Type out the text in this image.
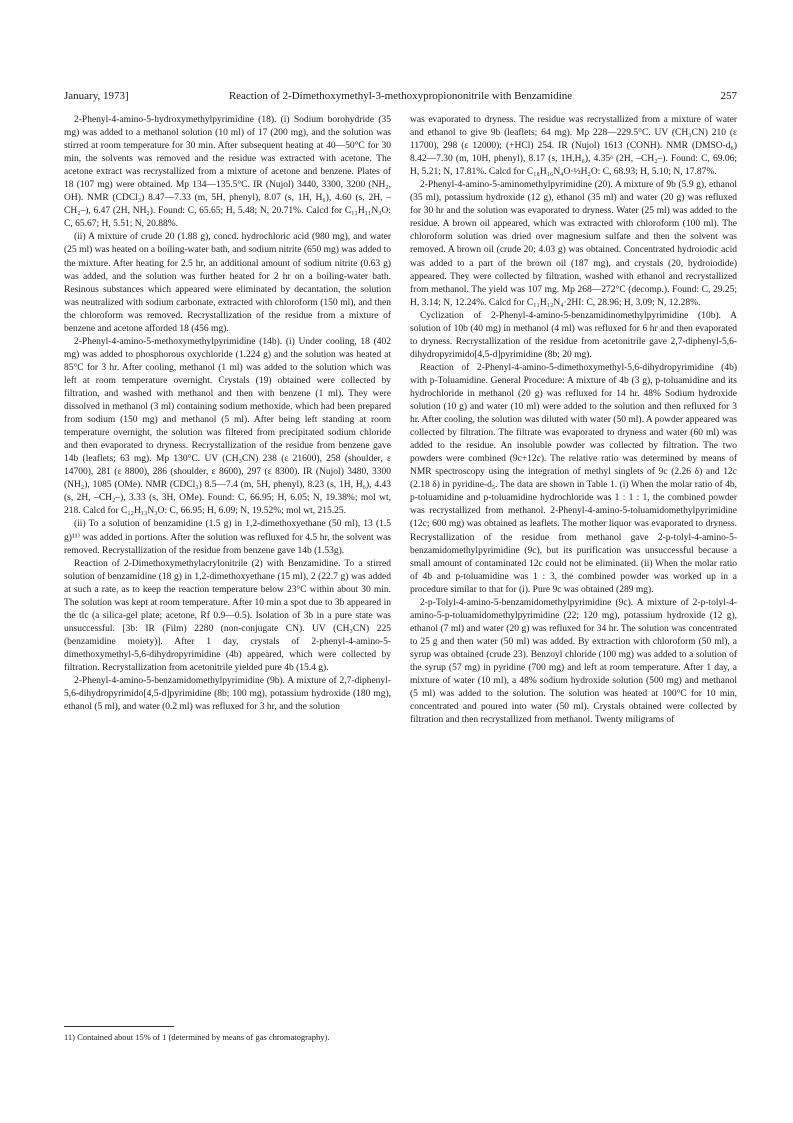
January, 1973]	Reaction of 2-Dimethoxymethyl-3-methoxypropiononitrile with Benzamidine	257

2-Phenyl-4-amino-5-hydroxymethylpyrimidine (18). (i) Sodium borohydride (35 mg) was added to a methanol solution (10 ml) of 17 (200 mg), and the solution was stirred at room temperature for 30 min. After subsequent heating at 40—50°C for 30 min, the solvents was removed and the residue was extracted with acetone. The acetone extract was recrystallized from a mixture of acetone and benzene. Plates of 18 (107 mg) were obtained. Mp 134—135.5°C. IR (Nujol) 3440, 3300, 3200 (NH₂, OH). NMR (CDCl₃) 8.47—7.33 (m, 5H, phenyl), 8.07 (s, 1H, H₆), 4.60 (s, 2H, –CH₂–), 6.47 (2H, NH₂). Found: C, 65.65; H, 5.48; N, 20.71%. Calcd for C₁₁H₁₁N₃O: C, 65.67; H, 5.51; N, 20.88%.

(ii) A mixture of crude 20 (1.88 g), concd. hydrochloric acid (980 mg), and water (25 ml) was heated on a boiling-water bath, and sodium nitrite (650 mg) was added to the mixture. After heating for 2.5 hr, an additional amount of sodium nitrite (0.63 g) was added, and the solution was further heated for 2 hr on a boiling-water bath. Resinous substances which appeared were eliminated by decantation, the solution was neutralized with sodium carbonate, extracted with chloroform (150 ml), and then the chloroform was removed. Recrystallization of the residue from a mixture of benzene and acetone afforded 18 (456 mg).

2-Phenyl-4-amino-5-methoxymethylpyrimidine (14b). (i) Under cooling, 18 (402 mg) was added to phosphorous oxychloride (1.224 g) and the solution was heated at 85°C for 3 hr. After cooling, methanol (1 ml) was added to the solution which was left at room temperature overnight. Crystals (19) obtained were collected by filtration, and washed with methanol and then with benzene (1 ml). They were dissolved in methanol (3 ml) containing sodium methoxide, which had been prepared from sodium (150 mg) and methanol (5 ml). After being left standing at room temperature overnight, the solution was filtered from precipitated sodium chloride and then evaporated to dryness. Recrystallization of the residue from benzene gave 14b (leaflets; 63 mg). Mp 130°C. UV (CH₃CN) 238 (ε 21600), 258 (shoulder, ε 14700), 281 (ε 8800), 286 (shoulder, ε 8600), 297 (ε 8300). IR (Nujol) 3480, 3300 (NH₂), 1085 (OMe). NMR (CDCl₃) 8.5—7.4 (m, 5H, phenyl), 8.23 (s, 1H, H₆), 4.43 (s, 2H, –CH₂–), 3.33 (s, 3H, OMe). Found: C, 66.95; H, 6.05; N, 19.38%; mol wt, 218. Calcd for C₁₂H₁₃N₃O: C, 66.95; H, 6.09; N, 19.52%; mol wt, 215.25.

(ii) To a solution of benzamidine (1.5 g) in 1,2-dimethoxyethane (50 ml), 13 (1.5 g)¹¹⁾ was added in portions. After the solution was refluxed for 4.5 hr, the solvent was removed. Recrystallization of the residue from benzene gave 14b (1.53g).

Reaction of 2-Dimethoxymethylacrylonitrile (2) with Benzamidine. To a stirred solution of benzamidine (18 g) in 1,2-dimethoxyethane (15 ml), 2 (22.7 g) was added at such a rate, as to keep the reaction temperature below 23°C within about 30 min. The solution was kept at room temperature. After 10 min a spot due to 3b appeared in the tlc (a silica-gel plate; acetone, Rf 0.9—0.5). Isolation of 3b in a pure state was unsuccessful. [3b: IR (Film) 2280 (non-conjugate CN). UV (CH₃CN) 225 (benzamidine moiety)]. After 1 day, crystals of 2-phenyl-4-amino-5-dimethoxymethyl-5,6-dihydropyrimidine (4b) appeared, which were collected by filtration. Recrystallization from acetonitrile yielded pure 4b (15.4 g).

2-Phenyl-4-amino-5-benzamidomethylpyrimidine (9b). A mixture of 2,7-diphenyl-5,6-dihydropyrimido[4,5-d]pyrimidine (8b; 100 mg), potassium hydroxide (180 mg), ethanol (5 ml), and water (0.2 ml) was refluxed for 3 hr, and the solution

was evaporated to dryness. The residue was recrystallized from a mixture of water and ethanol to give 9b (leaflets; 64 mg). Mp 228—229.5°C. UV (CH₃CN) 210 (ε 11700), 298 (ε 12000); (+HCl) 254. IR (Nujol) 1613 (CONH). NMR (DMSO-d₆) 8.42—7.30 (m, 10H, phenyl), 8.17 (s, 1H,H₆), 4.35ᵃ (2H, –CH₂–). Found: C, 69.06; H, 5.21; N, 17.81%. Calcd for C₁₈H₁₆N₄O·½H₂O: C, 68.93; H, 5.10; N, 17.87%.

2-Phenyl-4-amino-5-aminomethylpyrimidine (20). A mixture of 9b (5.9 g), ethanol (35 ml), potassium hydroxide (12 g), ethanol (35 ml) and water (20 g) was refluxed for 30 hr and the solution was evaporated to dryness. Water (25 ml) was added to the residue. A brown oil appeared, which was extracted with chloroform (100 ml). The chloroform solution was dried over magnesium sulfate and then the solvent was removed. A brown oil (crude 20; 4.03 g) was obtained. Concentrated hydroiodic acid was added to a part of the brown oil (187 mg), and crystals (20, hydroiodide) appeared. They were collected by filtration, washed with ethanol and recrystallized from methanol. The yield was 107 mg. Mp 268—272°C (decomp.). Found: C, 29.25; H, 3.14; N, 12.24%. Calcd for C₁₁H₁₂N₄·2HI: C, 28.96; H, 3.09; N, 12.28%.

Cyclization of 2-Phenyl-4-amino-5-benzamidinomethylpyrimidine (10b). A solution of 10b (40 mg) in methanol (4 ml) was refluxed for 6 hr and then evaporated to dryness. Recrystallization of the residue from acetonitrile gave 2,7-diphenyl-5,6-dihydropyrimido[4,5-d]pyrimidine (8b; 20 mg).

Reaction of 2-Phenyl-4-amino-5-dimethoxymethyl-5,6-dihydropyrimidine (4b) with p-Toluamidine. General Procedure: A mixture of 4b (3 g), p-toluamidine and its hydrochloride in methanol (20 g) was refluxed for 14 hr. 48% Sodium hydroxide solution (10 g) and water (10 ml) were added to the solution and then refluxed for 3 hr. After cooling, the solution was diluted with water (50 ml). A powder appeared was collected by filtration. The filtrate was evaporated to dryness and water (60 ml) was added to the residue. An insoluble powder was collected by filtration. The two powders were combined (9c+12c). The relative ratio was determined by means of NMR spectroscopy using the integration of methyl singlets of 9c (2.26 δ) and 12c (2.18 δ) in pyridine-d₅. The data are shown in Table 1. (i) When the molar ratio of 4b, p-toluamidine and p-toluamidine hydrochloride was 1 : 1 : 1, the combined powder was recrystallized from methanol. 2-Phenyl-4-amino-5-toluamidomethylpyrimidine (12c; 600 mg) was obtained as leaflets. The mother liquor was evaporated to dryness. Recrystallization of the residue from methanol gave 2-p-tolyl-4-amino-5-benzamidomethylpyrimidine (9c), but its purification was unsuccessful because a small amount of contaminated 12c could not be eliminated. (ii) When the molar ratio of 4b and p-toluamidine was 1 : 3, the combined powder was worked up in a procedure similar to that for (i). Pure 9c was obtained (289 mg).

2-p-Tolyl-4-amino-5-benzamidomethylpyrimidine (9c). A mixture of 2-p-tolyl-4-amino-5-p-toluamidomethylpyrimidine (22; 120 mg), potassium hydroxide (12 g), ethanol (7 ml) and water (20 g) was refluxed for 34 hr. The solution was concentrated to 25 g and then water (50 ml) was added. By extraction with chloroform (50 ml), a syrup was obtained (crude 23). Benzoyl chloride (100 mg) was added to a solution of the syrup (57 mg) in pyridine (700 mg) and left at room temperature. After 1 day, a mixture of water (10 ml), a 48% sodium hydroxide solution (500 mg) and methanol (5 ml) was added to the solution. The solution was heated at 100°C for 10 min, concentrated and poured into water (50 ml). Crystals obtained were collected by filtration and then recrystallized from methanol. Twenty miligrams of

11) Contained about 15% of 1 (determined by means of gas chromatography).
